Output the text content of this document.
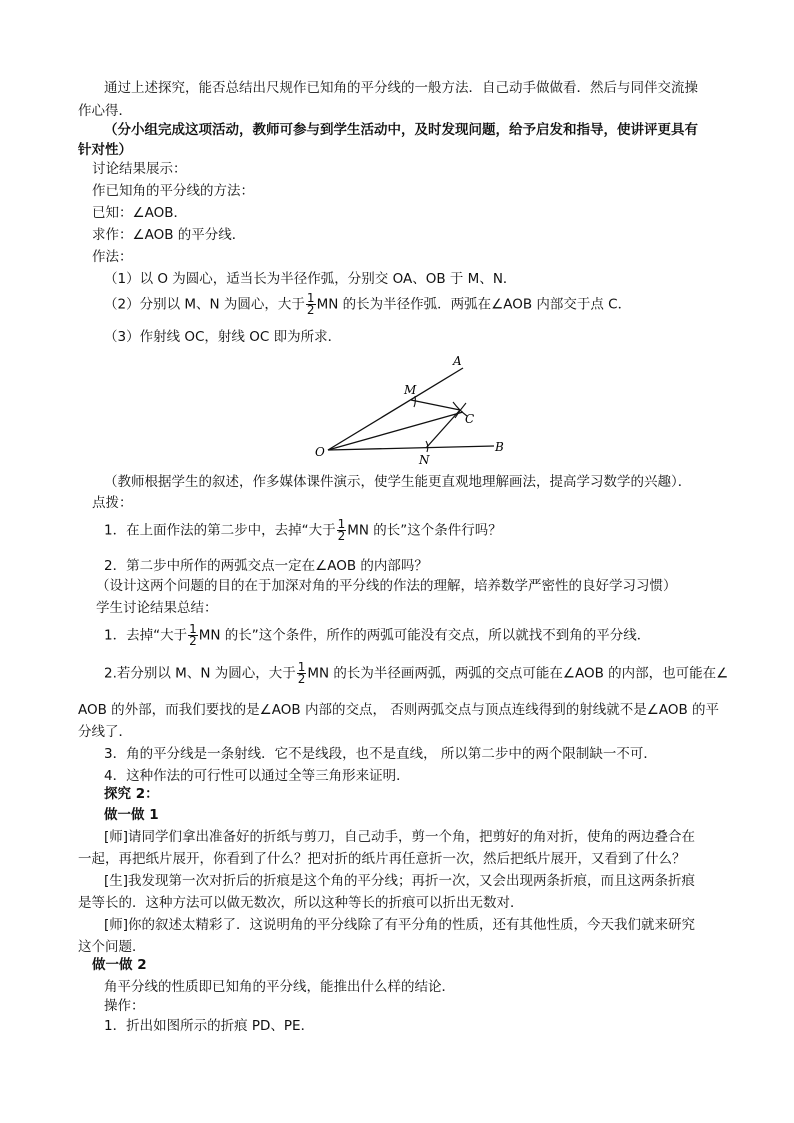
通过上述探究，能否总结出尺规作已知角的平分线的一般方法．自己动手做做看．然后与同伴交流操
作心得．
（分小组完成这项活动，教师可参与到学生活动中，及时发现问题，给予启发和指导，使讲评更具有
针对性）
讨论结果展示：
作已知角的平分线的方法：
已知：∠AOB．
求作：∠AOB 的平分线．
作法：
（1）以 O 为圆心，适当长为半径作弧，分别交 OA、OB 于 M、N．
（2）分别以 M、N 为圆心，大于 $\frac{1}{2}$ MN 的长为半径作弧．两弧在∠AOB 内部交于点 C．
（3）作射线 OC，射线 OC 即为所求．
A
M
C
O
N
B
（教师根据学生的叙述，作多媒体课件演示，使学生能更直观地理解画法，提高学习数学的兴趣）．
点拨：
1．在上面作法的第二步中，去掉“大于 $\frac{1}{2}$ MN 的长”这个条件行吗？
2．第二步中所作的两弧交点一定在∠AOB 的内部吗？
（设计这两个问题的目的在于加深对角的平分线的作法的理解，培养数学严密性的良好学习习惯）
学生讨论结果总结：
1．去掉“大于 $\frac{1}{2}$ MN 的长”这个条件，所作的两弧可能没有交点，所以就找不到角的平分线．
2.若分别以 M、N 为圆心，大于 $\frac{1}{2}$ MN 的长为半径画两弧，两弧的交点可能在∠AOB 的内部，也可能在∠
AOB 的外部，而我们要找的是∠AOB 内部的交点， 否则两弧交点与顶点连线得到的射线就不是∠AOB 的平
分线了．
3．角的平分线是一条射线．它不是线段，也不是直线， 所以第二步中的两个限制缺一不可．
4．这种作法的可行性可以通过全等三角形来证明．
探究 2：
做一做 1
[师]请同学们拿出准备好的折纸与剪刀，自己动手，剪一个角，把剪好的角对折，使角的两边叠合在
一起，再把纸片展开，你看到了什么？把对折的纸片再任意折一次，然后把纸片展开，又看到了什么？
[生]我发现第一次对折后的折痕是这个角的平分线；再折一次，又会出现两条折痕，而且这两条折痕
是等长的．这种方法可以做无数次，所以这种等长的折痕可以折出无数对．
[师]你的叙述太精彩了．这说明角的平分线除了有平分角的性质，还有其他性质，今天我们就来研究
这个问题．
做一做 2
角平分线的性质即已知角的平分线，能推出什么样的结论．
操作：
1．折出如图所示的折痕 PD、PE．
